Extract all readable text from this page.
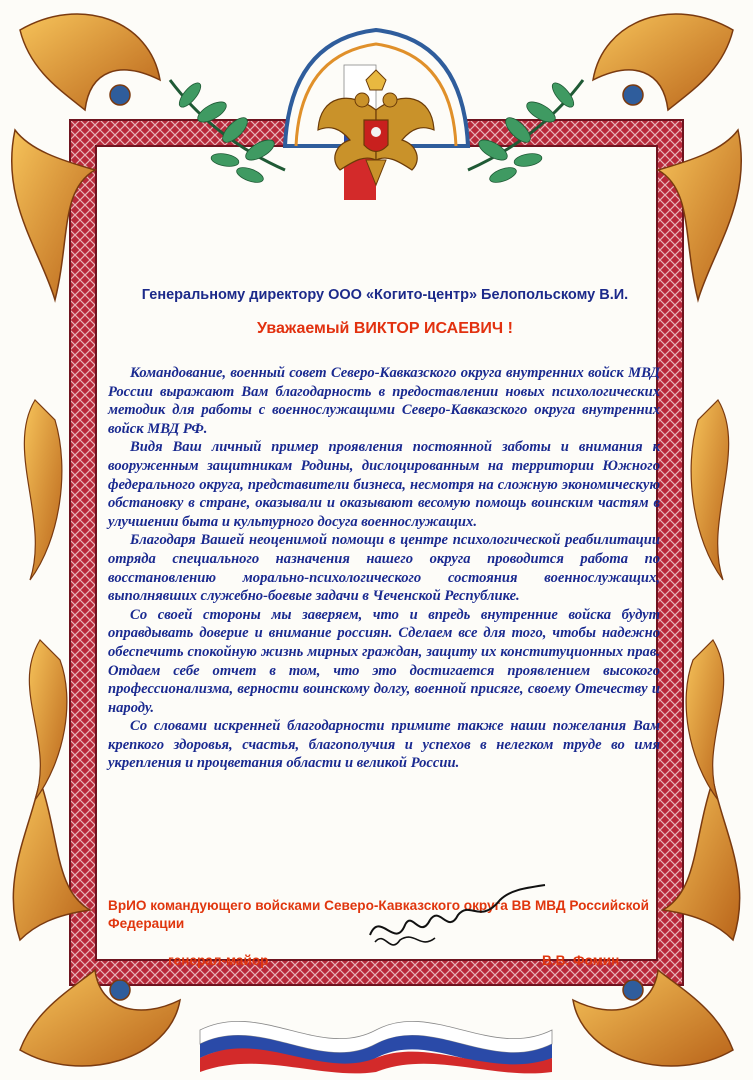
Генеральному директору ООО «Когито-центр» Белопольскому В.И.
Уважаемый ВИКТОР ИСАЕВИЧ !

Командование, военный совет Северо-Кавказского округа внутренних войск МВД России выражают Вам благодарность в предоставлении новых психологических методик для работы с военнослужащими Северо-Кавказского округа внутренних войск МВД РФ.

Видя Ваш личный пример проявления постоянной заботы и внимания к вооруженным защитникам Родины, дислоцированным на территории Южного федерального округа, представители бизнеса, несмотря на сложную экономическую обстановку в стране, оказывали и оказывают весомую помощь воинским частям в улучшении быта и культурного досуга военнослужащих.

Благодаря Вашей неоценимой помощи в центре психологической реабилитации отряда специального назначения нашего округа проводится работа по восстановлению морально-психологического состояния военнослужащих, выполнявших служебно-боевые задачи в Чеченской Республике.

Со своей стороны мы заверяем, что и впредь внутренние войска будут оправдывать доверие и внимание россиян. Сделаем все для того, чтобы надежно обеспечить спокойную жизнь мирных граждан, защиту их конституционных прав. Отдаем себе отчет в том, что это достигается проявлением высокого профессионализма, верности воинскому долгу, военной присяге, своему Отечеству и народу.

Со словами искренней благодарности примите также наши пожелания Вам крепкого здоровья, счастья, благополучия и успехов в нелегком труде во имя укрепления и процветания области и великой России.

ВрИО командующего войсками Северо-Кавказского округа ВВ МВД Российской Федерации
генерал-майор	В.В. Фомин
